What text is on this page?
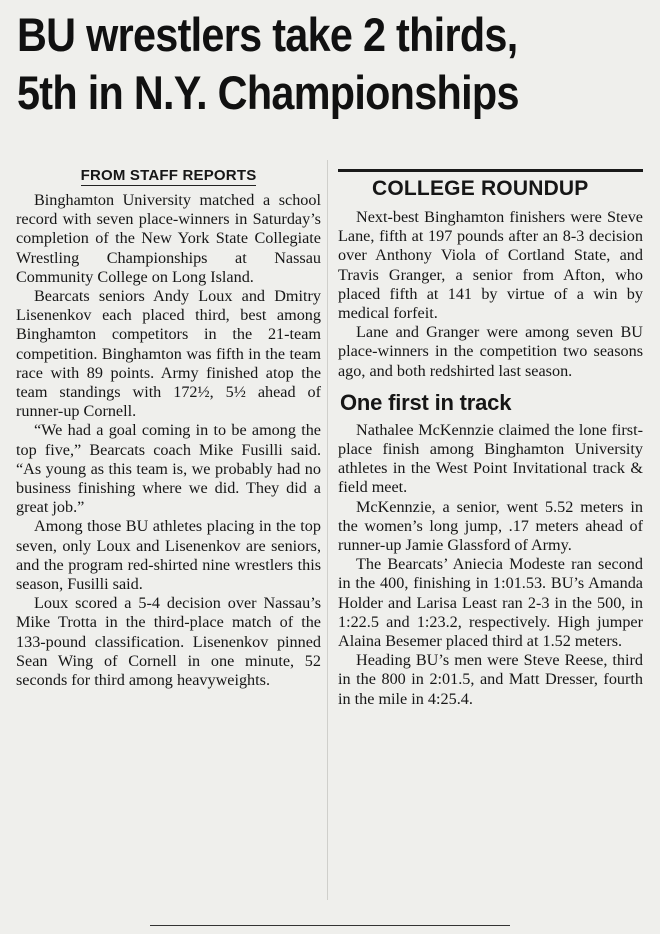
BU wrestlers take 2 thirds,
5th in N.Y. Championships
FROM STAFF REPORTS

Binghamton University matched a school record with seven place-winners in Saturday’s completion of the New York State Collegiate Wrestling Championships at Nassau Community College on Long Island.

Bearcats seniors Andy Loux and Dmitry Lisenenkov each placed third, best among Binghamton competitors in the 21-team competition. Binghamton was fifth in the team race with 89 points. Army finished atop the team standings with 172½, 5½ ahead of runner-up Cornell.

“We had a goal coming in to be among the top five,” Bearcats coach Mike Fusilli said. “As young as this team is, we probably had no business finishing where we did. They did a great job.”

Among those BU athletes placing in the top seven, only Loux and Lisenenkov are seniors, and the program red-shirted nine wrestlers this season, Fusilli said.

Loux scored a 5-4 decision over Nassau’s Mike Trotta in the third-place match of the 133-pound classification. Lisenenkov pinned Sean Wing of Cornell in one minute, 52 seconds for third among heavyweights.

COLLEGE ROUNDUP

Next-best Binghamton finishers were Steve Lane, fifth at 197 pounds after an 8-3 decision over Anthony Viola of Cortland State, and Travis Granger, a senior from Afton, who placed fifth at 141 by virtue of a win by medical forfeit.

Lane and Granger were among seven BU place-winners in the competition two seasons ago, and both redshirted last season.

One first in track

Nathalee McKennzie claimed the lone first-place finish among Binghamton University athletes in the West Point Invitational track & field meet.

McKennzie, a senior, went 5.52 meters in the women’s long jump, .17 meters ahead of runner-up Jamie Glassford of Army.

The Bearcats’ Aniecia Modeste ran second in the 400, finishing in 1:01.53. BU’s Amanda Holder and Larisa Least ran 2-3 in the 500, in 1:22.5 and 1:23.2, respectively. High jumper Alaina Besemer placed third at 1.52 meters.

Heading BU’s men were Steve Reese, third in the 800 in 2:01.5, and Matt Dresser, fourth in the mile in 4:25.4.
